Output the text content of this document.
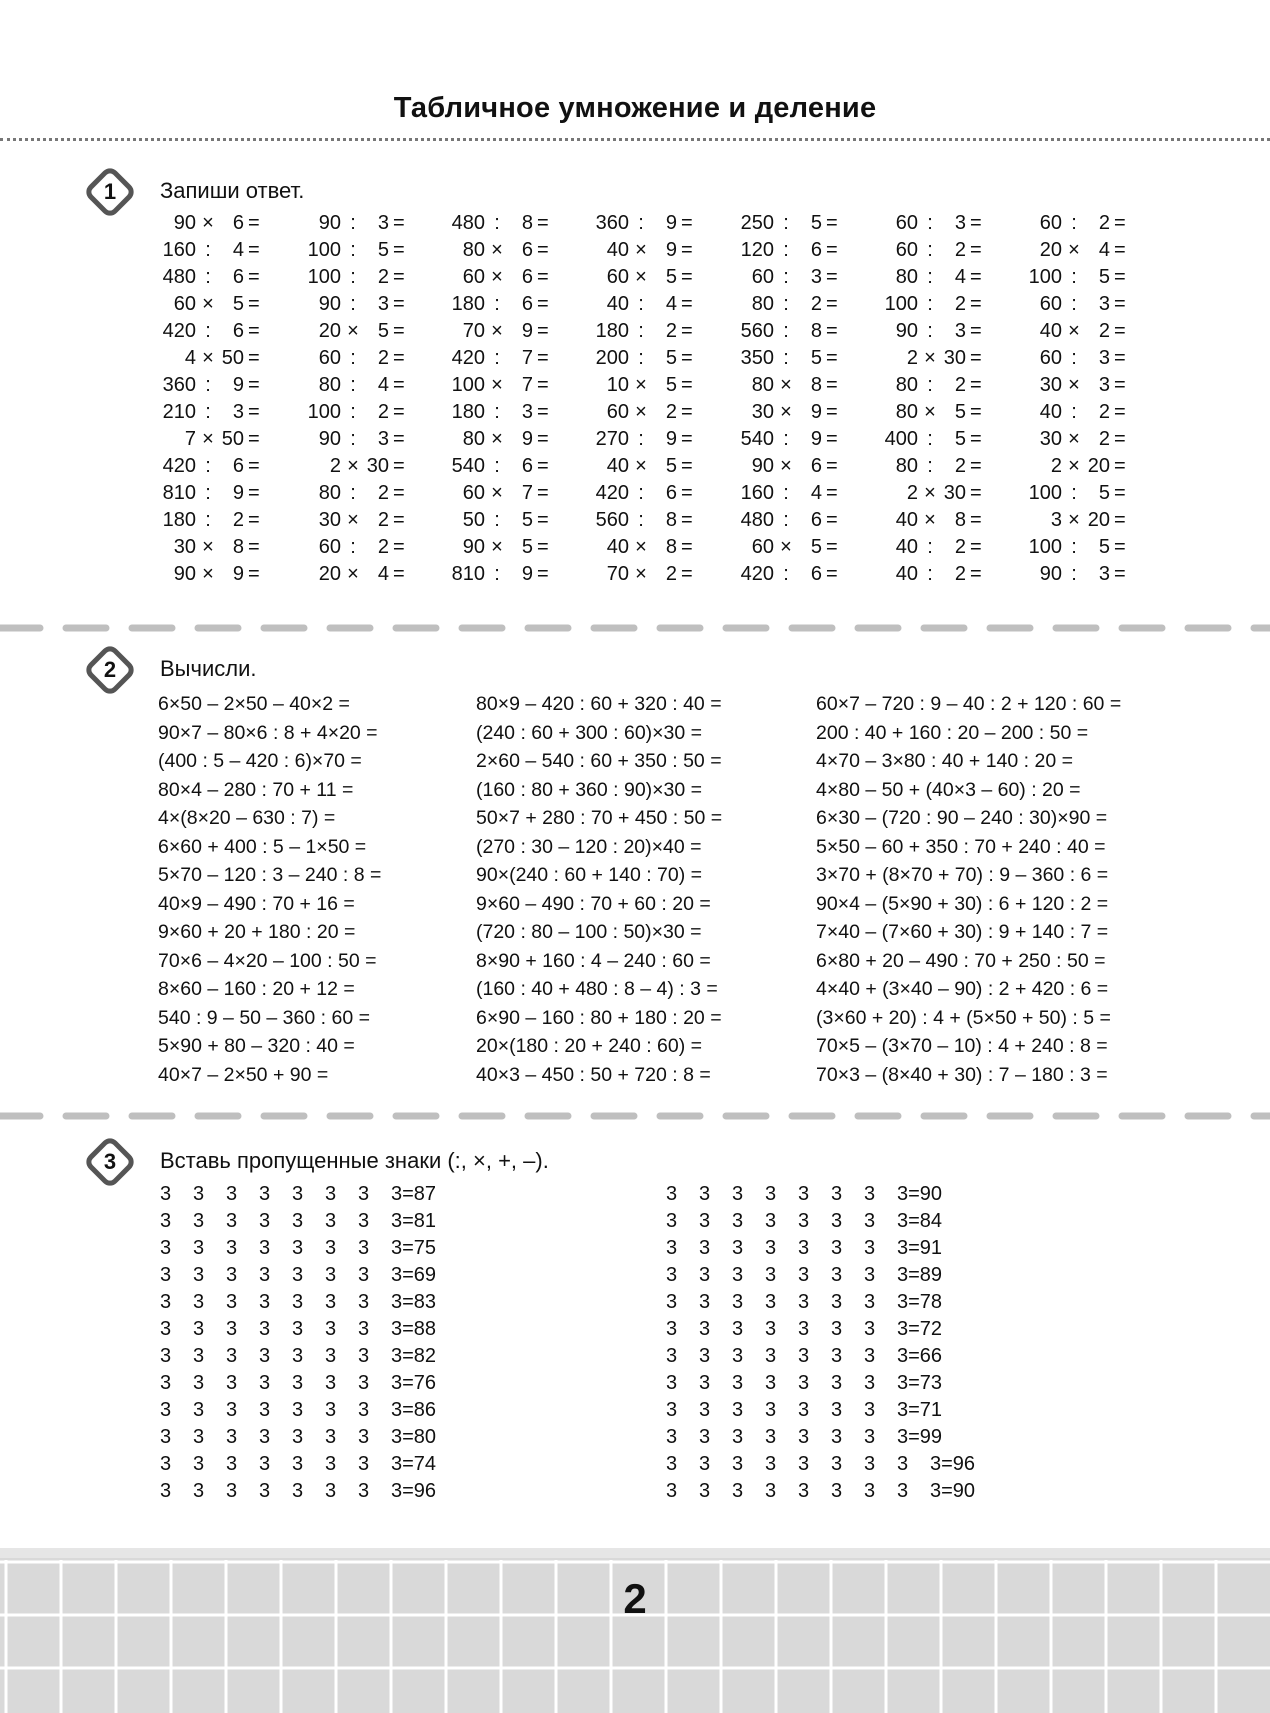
Табличное умножение и деление
1	Запиши ответ.
90 × 6 =	90 :	3 =	480 :	8 =	360 :	9 =	250 :	5 =	60 :	3 =	60 :	2 =
160 :	4 =	100 :	5 =	80 × 6 =	40 × 9 =	120 :	6 =	60 :	2 =	20 × 4 =
480 :	6 =	100 :	2 =	60 × 6 =	60 × 5 =	60 :	3 =	80 :	4 =	100 :	5 =
60 × 5 =	90 :	3 =	180 :	6 =	40 :	4 =	80 :	2 =	100 :	2 =	60 :	3 =
420 :	6 =	20 × 5 =	70 × 9 =	180 :	2 =	560 :	8 =	90 :	3 =	40 × 2 =
4 × 50 =	60 :	2 =	420 :	7 =	200 :	5 =	350 :	5 =	2 × 30 =	60 :	3 =
360 :	9 =	80 :	4 =	100 × 7 =	10 × 5 =	80 × 8 =	80 :	2 =	30 × 3 =
210 :	3 =	100 :	2 =	180 :	3 =	60 × 2 =	30 × 9 =	80 × 5 =	40 :	2 =
7 × 50 =	90 :	3 =	80 × 9 =	270 :	9 =	540 :	9 =	400 :	5 =	30 × 2 =
420 :	6 =	2 × 30 =	540 :	6 =	40 × 5 =	90 × 6 =	80 :	2 =	2 × 20 =
810 :	9 =	80 :	2 =	60 × 7 =	420 :	6 =	160 :	4 =	2 × 30 =	100 :	5 =
180 :	2 =	30 × 2 =	50 :	5 =	560 :	8 =	480 :	6 =	40 × 8 =	3 × 20 =
30 × 8 =	60 :	2 =	90 × 5 =	40 × 8 =	60 × 5 =	40 :	2 =	100 :	5 =
90 × 9 =	20 × 4 =	810 :	9 =	70 × 2 =	420 :	6 =	40 :	2 =	90 :	3 =
2	Вычисли.
6×50 – 2×50 – 40×2 =
90×7 – 80×6 : 8 + 4×20 =
(400 : 5 – 420 : 6)×70 =
80×4 – 280 : 70 + 11 =
4×(8×20 – 630 : 7) =
6×60 + 400 : 5 – 1×50 =
5×70 – 120 : 3 – 240 : 8 =
40×9 – 490 : 70 + 16 =
9×60 + 20 + 180 : 20 =
70×6 – 4×20 – 100 : 50 =
8×60 – 160 : 20 + 12 =
540 : 9 – 50 – 360 : 60 =
5×90 + 80 – 320 : 40 =
40×7 – 2×50 + 90 =
80×9 – 420 : 60 + 320 : 40 =
(240 : 60 + 300 : 60)×30 =
2×60 – 540 : 60 + 350 : 50 =
(160 : 80 + 360 : 90)×30 =
50×7 + 280 : 70 + 450 : 50 =
(270 : 30 – 120 : 20)×40 =
90×(240 : 60 + 140 : 70) =
9×60 – 490 : 70 + 60 : 20 =
(720 : 80 – 100 : 50)×30 =
8×90 + 160 : 4 – 240 : 60 =
(160 : 40 + 480 : 8 – 4) : 3 =
6×90 – 160 : 80 + 180 : 20 =
20×(180 : 20 + 240 : 60) =
40×3 – 450 : 50 + 720 : 8 =
60×7 – 720 : 9 – 40 : 2 + 120 : 60 =
200 : 40 + 160 : 20 – 200 : 50 =
4×70 – 3×80 : 40 + 140 : 20 =
4×80 – 50 + (40×3 – 60) : 20 =
6×30 – (720 : 90 – 240 : 30)×90 =
5×50 – 60 + 350 : 70 + 240 : 40 =
3×70 + (8×70 + 70) : 9 – 360 : 6 =
90×4 – (5×90 + 30) : 6 + 120 : 2 =
7×40 – (7×60 + 30) : 9 + 140 : 7 =
6×80 + 20 – 490 : 70 + 250 : 50 =
4×40 + (3×40 – 90) : 2 + 420 : 6 =
(3×60 + 20) : 4 + (5×50 + 50) : 5 =
70×5 – (3×70 – 10) : 4 + 240 : 8 =
70×3 – (8×40 + 30) : 7 – 180 : 3 =
3	Вставь пропущенные знаки (:, ×, +, –).
3 3 3 3 3 3 3 3=87
3 3 3 3 3 3 3 3=81
3 3 3 3 3 3 3 3=75
3 3 3 3 3 3 3 3=69
3 3 3 3 3 3 3 3=83
3 3 3 3 3 3 3 3=88
3 3 3 3 3 3 3 3=82
3 3 3 3 3 3 3 3=76
3 3 3 3 3 3 3 3=86
3 3 3 3 3 3 3 3=80
3 3 3 3 3 3 3 3=74
3 3 3 3 3 3 3 3=96
3 3 3 3 3 3 3 3=90
3 3 3 3 3 3 3 3=84
3 3 3 3 3 3 3 3=91
3 3 3 3 3 3 3 3=89
3 3 3 3 3 3 3 3=78
3 3 3 3 3 3 3 3=72
3 3 3 3 3 3 3 3=66
3 3 3 3 3 3 3 3=73
3 3 3 3 3 3 3 3=71
3 3 3 3 3 3 3 3=99
3 3 3 3 3 3 3 3 3=96
3 3 3 3 3 3 3 3 3=90
2
